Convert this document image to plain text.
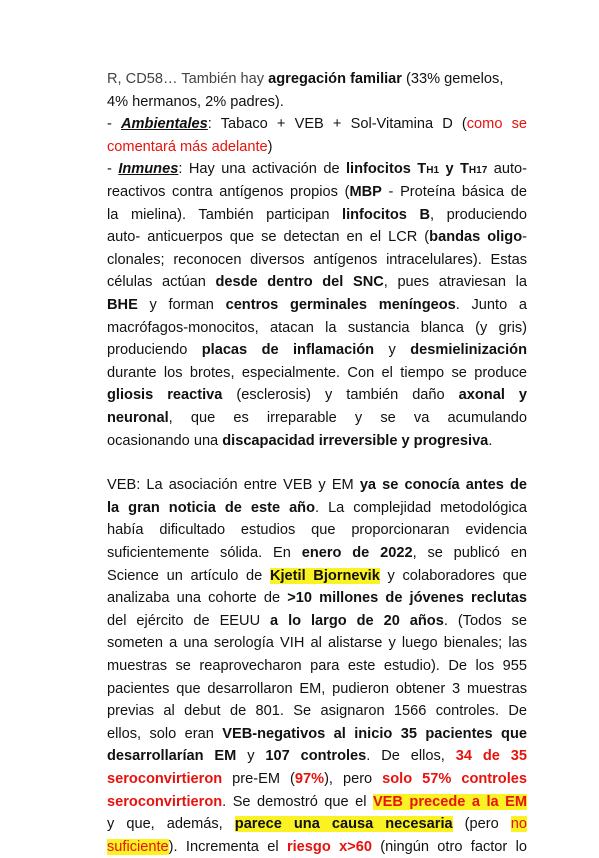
R, CD58… También hay agregación familiar (33% gemelos,
4% hermanos, 2% padres).
- Ambientales: Tabaco + VEB + Sol-Vitamina D (como se
comentará más adelante)
- Inmunes: Hay una activación de linfocitos TH1 y TH17 auto-
reactivos contra antígenos propios (MBP - Proteína básica de
la mielina). También participan linfocitos B, produciendo
auto- anticuerpos que se detectan en el LCR (bandas oligo-
clonales; reconocen diversos antígenos intracelulares). Estas
células actúan desde dentro del SNC, pues atraviesan la
BHE y forman centros germinales meníngeos. Junto a
macrófagos-monocitos, atacan la sustancia blanca (y gris)
produciendo placas de inflamación y desmielinización
durante los brotes, especialmente. Con el tiempo se produce
gliosis reactiva (esclerosis) y también daño axonal y
neuronal, que es irreparable y se va acumulando
ocasionando una discapacidad irreversible y progresiva.
VEB: La asociación entre VEB y EM ya se conocía antes de
la gran noticia de este año. La complejidad metodológica
había dificultado estudios que proporcionaran evidencia
suficientemente sólida. En enero de 2022, se publicó en
Science un artículo de Kjetil Bjornevik y colaboradores que
analizaba una cohorte de >10 millones de jóvenes reclutas
del ejército de EEUU a lo largo de 20 años. (Todos se
someten a una serología VIH al alistarse y luego bienales; las
muestras se reaprovecharon para este estudio). De los 955
pacientes que desarrollaron EM, pudieron obtener 3 muestras
previas al debut de 801. Se asignaron 1566 controles. De
ellos, solo eran VEB-negativos al inicio 35 pacientes que
desarrollarían EM y 107 controles. De ellos, 34 de 35
seroconvirtieron pre-EM (97%), pero solo 57% controles
seroconvirtieron. Se demostró que el VEB precede a la EM
y que, además, parece una causa necesaria (pero no
suficiente). Incrementa el riesgo x>60 (ningún otro factor lo
